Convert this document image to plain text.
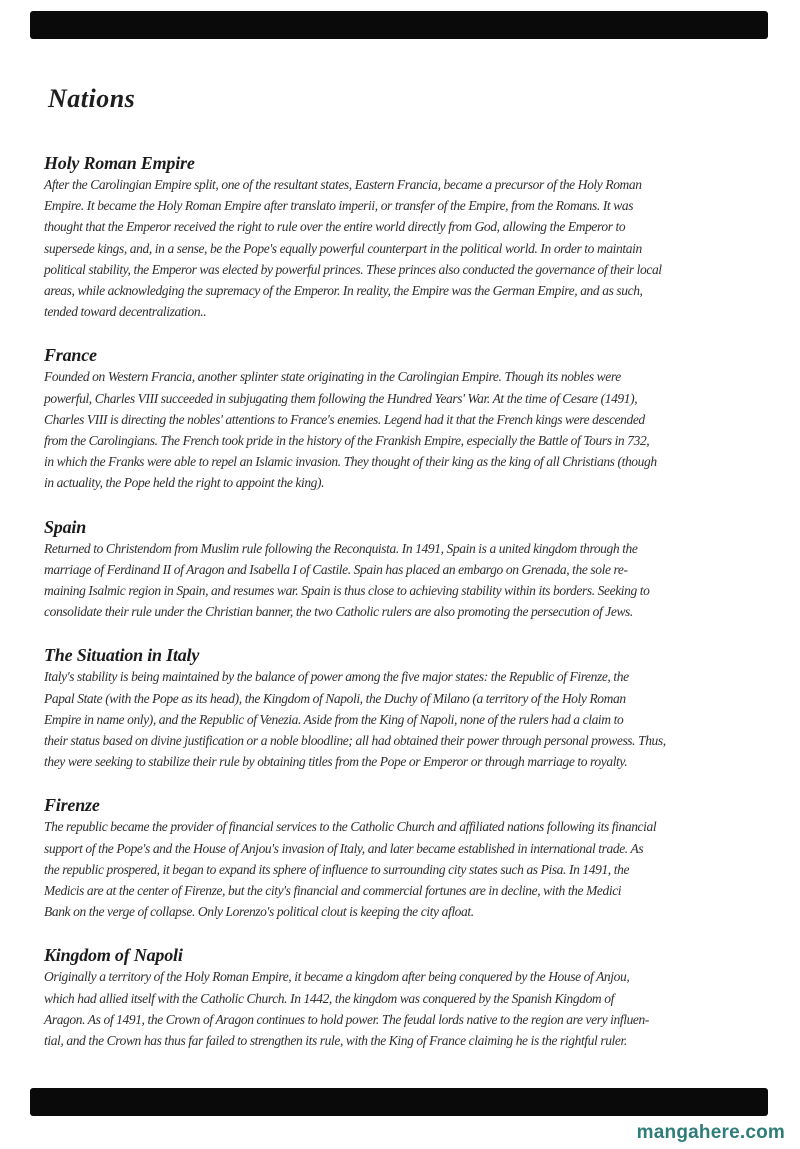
Nations
Holy Roman Empire
After the Carolingian Empire split, one of the resultant states, Eastern Francia, became a precursor of the Holy Roman
Empire. It became the Holy Roman Empire after translato imperii, or transfer of the Empire, from the Romans. It was
thought that the Emperor received the right to rule over the entire world directly from God, allowing the Emperor to
supersede kings, and, in a sense, be the Pope's equally powerful counterpart in the political world. In order to maintain
political stability, the Emperor was elected by powerful princes. These princes also conducted the governance of their local
areas, while acknowledging the supremacy of the Emperor. In reality, the Empire was the German Empire, and as such,
tended toward decentralization..
France
Founded on Western Francia, another splinter state originating in the Carolingian Empire. Though its nobles were
powerful, Charles VIII succeeded in subjugating them following the Hundred Years' War. At the time of Cesare (1491),
Charles VIII is directing the nobles' attentions to France's enemies. Legend had it that the French kings were descended
from the Carolingians. The French took pride in the history of the Frankish Empire, especially the Battle of Tours in 732,
in which the Franks were able to repel an Islamic invasion. They thought of their king as the king of all Christians (though
in actuality, the Pope held the right to appoint the king).
Spain
Returned to Christendom from Muslim rule following the Reconquista. In 1491, Spain is a united kingdom through the
marriage of Ferdinand II of Aragon and Isabella I of Castile. Spain has placed an embargo on Grenada, the sole re-
maining Isalmic region in Spain, and resumes war. Spain is thus close to achieving stability within its borders. Seeking to
consolidate their rule under the Christian banner, the two Catholic rulers are also promoting the persecution of Jews.
The Situation in Italy
Italy's stability is being maintained by the balance of power among the five major states: the Republic of Firenze, the
Papal State (with the Pope as its head), the Kingdom of Napoli, the Duchy of Milano (a territory of the Holy Roman
Empire in name only), and the Republic of Venezia. Aside from the King of Napoli, none of the rulers had a claim to
their status based on divine justification or a noble bloodline; all had obtained their power through personal prowess. Thus,
they were seeking to stabilize their rule by obtaining titles from the Pope or Emperor or through marriage to royalty.
Firenze
The republic became the provider of financial services to the Catholic Church and affiliated nations following its financial
support of the Pope's and the House of Anjou's invasion of Italy, and later became established in international trade. As
the republic prospered, it began to expand its sphere of influence to surrounding city states such as Pisa. In 1491, the
Medicis are at the center of Firenze, but the city's financial and commercial fortunes are in decline, with the Medici
Bank on the verge of collapse. Only Lorenzo's political clout is keeping the city afloat.
Kingdom of Napoli
Originally a territory of the Holy Roman Empire, it became a kingdom after being conquered by the House of Anjou,
which had allied itself with the Catholic Church. In 1442, the kingdom was conquered by the Spanish Kingdom of
Aragon. As of 1491, the Crown of Aragon continues to hold power. The feudal lords native to the region are very influen-
tial, and the Crown has thus far failed to strengthen its rule, with the King of France claiming he is the rightful ruler.
mangahere.com
